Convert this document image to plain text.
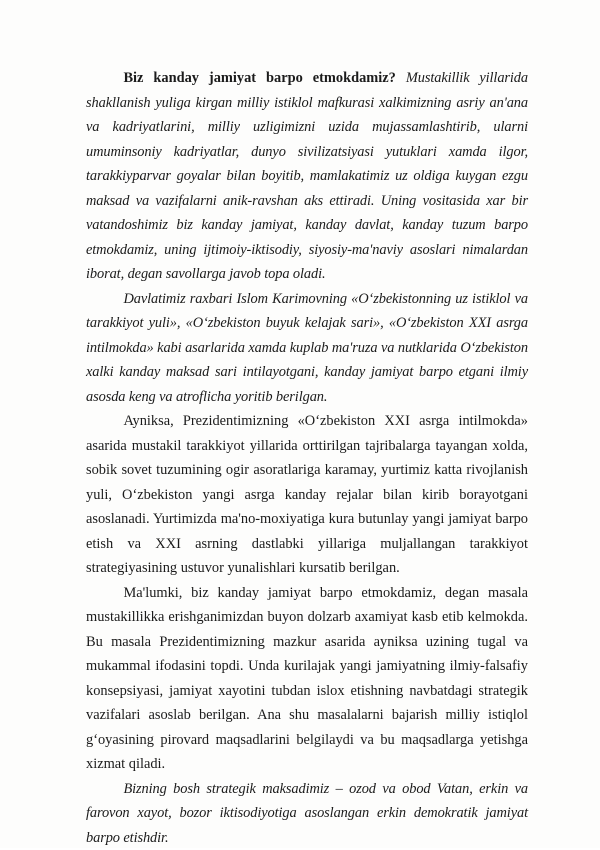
Biz kanday jamiyat barpo etmokdamiz? Mustakillik yillarida shakllanish yuliga kirgan milliy istiklol mafkurasi xalkimizning asriy an'ana va kadriyatlarini, milliy uzligimizni uzida mujassamlashtirib, ularni umuminsoniy kadriyatlar, dunyo sivilizatsiyasi yutuklari xamda ilgor, tarakkiyparvar goyalar bilan boyitib, mamlakatimiz uz oldiga kuygan ezgu maksad va vazifalarni anik-ravshan aks ettiradi. Uning vositasida xar bir vatandoshimiz biz kanday jamiyat, kanday davlat, kanday tuzum barpo etmokdamiz, uning ijtimoiy-iktisodiy, siyosiy-ma'naviy asoslari nimalardan iborat, degan savollarga javob topa oladi.

Davlatimiz raxbari Islom Karimovning «O‘zbekistonning uz istiklol va tarakkiyot yuli», «O‘zbekiston buyuk kelajak sari», «O‘zbekiston XXI asrga intilmokda» kabi asarlarida xamda kuplab ma'ruza va nutklarida O‘zbekiston xalki kanday maksad sari intilayotgani, kanday jamiyat barpo etgani ilmiy asosda keng va atroflicha yoritib berilgan.

Ayniksa, Prezidentimizning «O‘zbekiston XXI asrga intilmokda» asarida mustakil tarakkiyot yillarida orttirilgan tajribalarga tayangan xolda, sobik sovet tuzumining ogir asoratlariga karamay, yurtimiz katta rivojlanish yuli, O‘zbekiston yangi asrga kanday rejalar bilan kirib borayotgani asoslanadi. Yurtimizda ma'no-moxiyatiga kura butunlay yangi jamiyat barpo etish va XXI asrning dastlabki yillariga muljallangan tarakkiyot strategiyasining ustuvor yunalishlari kursatib berilgan.

Ma'lumki, biz kanday jamiyat barpo etmokdamiz, degan masala mustakillikka erishganimizdan buyon dolzarb axamiyat kasb etib kelmokda. Bu masala Prezidentimizning mazkur asarida ayniksa uzining tugal va mukammal ifodasini topdi. Unda kurilajak yangi jamiyatning ilmiy-falsafiy konsepsiyasi, jamiyat xayotini tubdan islox etishning navbatdagi strategik vazifalari asoslab berilgan. Ana shu masalalarni bajarish milliy istiqlol g‘oyasining pirovard maqsadlarini belgilaydi va bu maqsadlarga yetishga xizmat qiladi.

Bizning bosh strategik maksadimiz – ozod va obod Vatan, erkin va farovon xayot, bozor iktisodiyotiga asoslangan erkin demokratik jamiyat barpo etishdir.
